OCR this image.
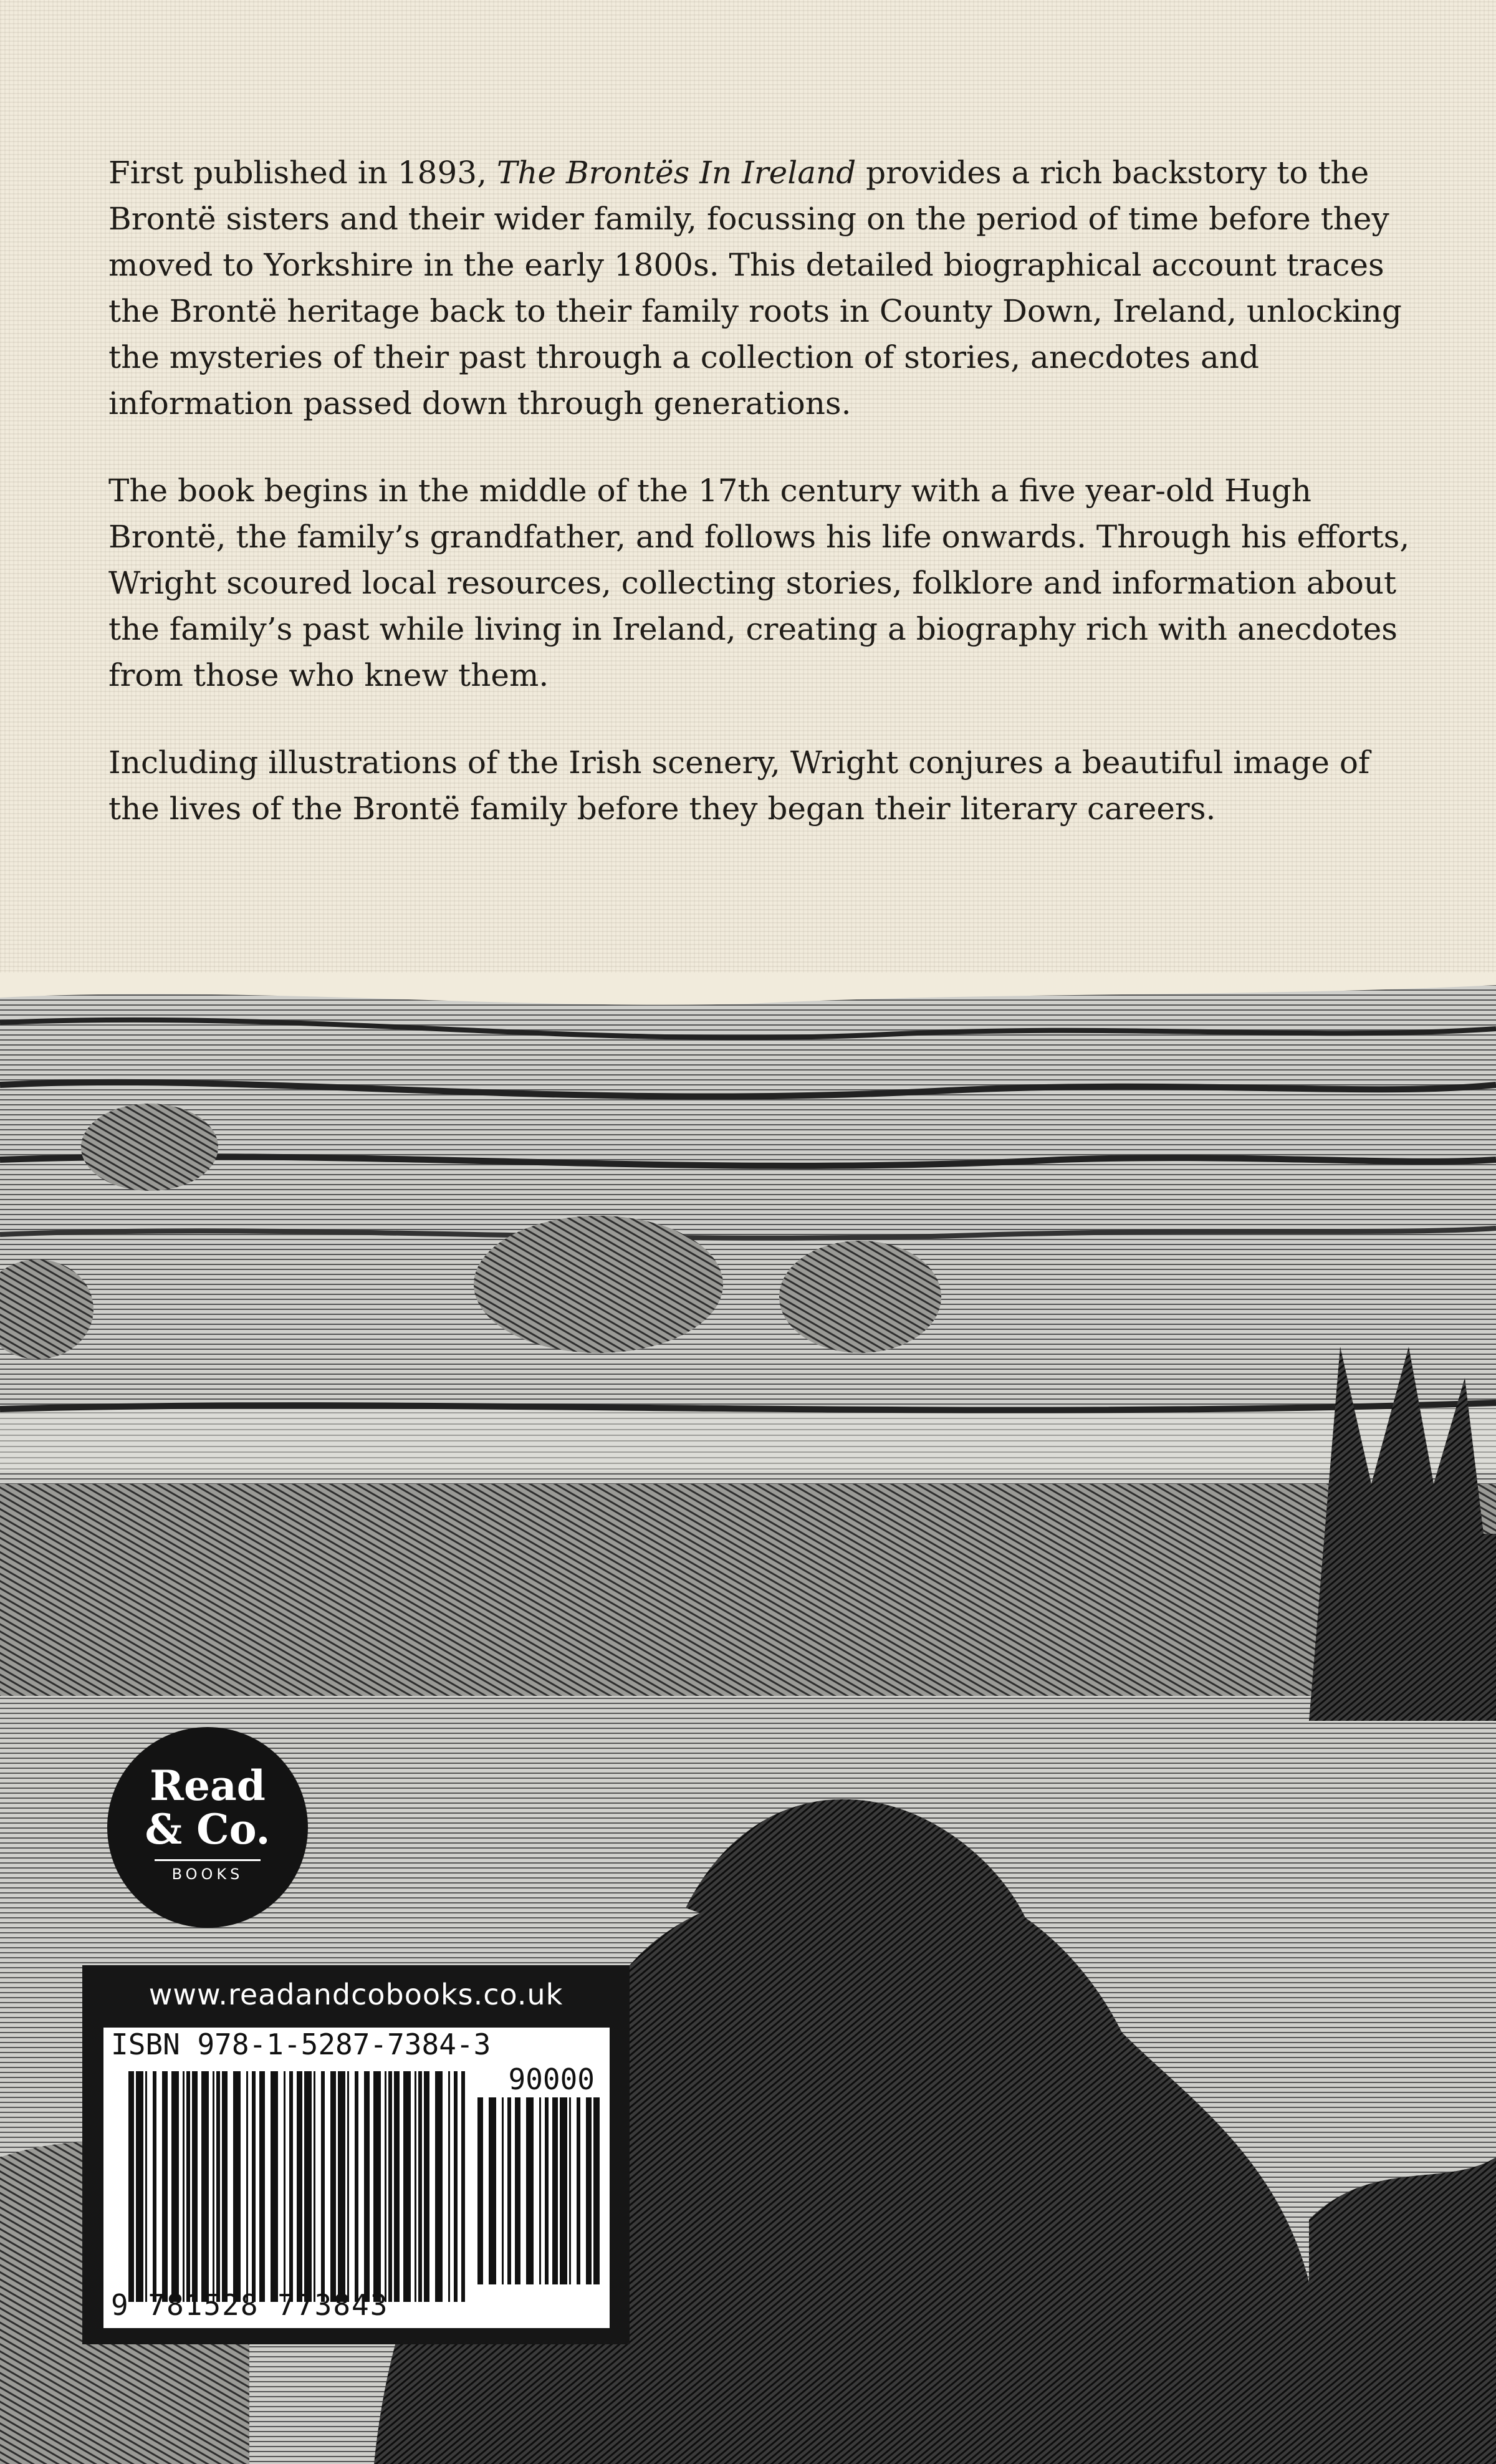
First published in 1893, The Brontës In Ireland provides a rich backstory to the Brontë sisters and their wider family, focussing on the period of time before they moved to Yorkshire in the early 1800s. This detailed biographical account traces the Brontë heritage back to their family roots in County Down, Ireland, unlocking the mysteries of their past through a collection of stories, anecdotes and information passed down through generations.

The book begins in the middle of the 17th century with a five year-old Hugh Brontë, the family’s grandfather, and follows his life onwards. Through his efforts, Wright scoured local resources, collecting stories, folklore and information about the family’s past while living in Ireland, creating a biography rich with anecdotes from those who knew them.

Including illustrations of the Irish scenery, Wright conjures a beautiful image of the lives of the Brontë family before they began their literary careers.

Read
& Co.
BOOKS
www.readandcobooks.co.uk
ISBN 978-1-5287-7384-3
90000
9 781528 773843
